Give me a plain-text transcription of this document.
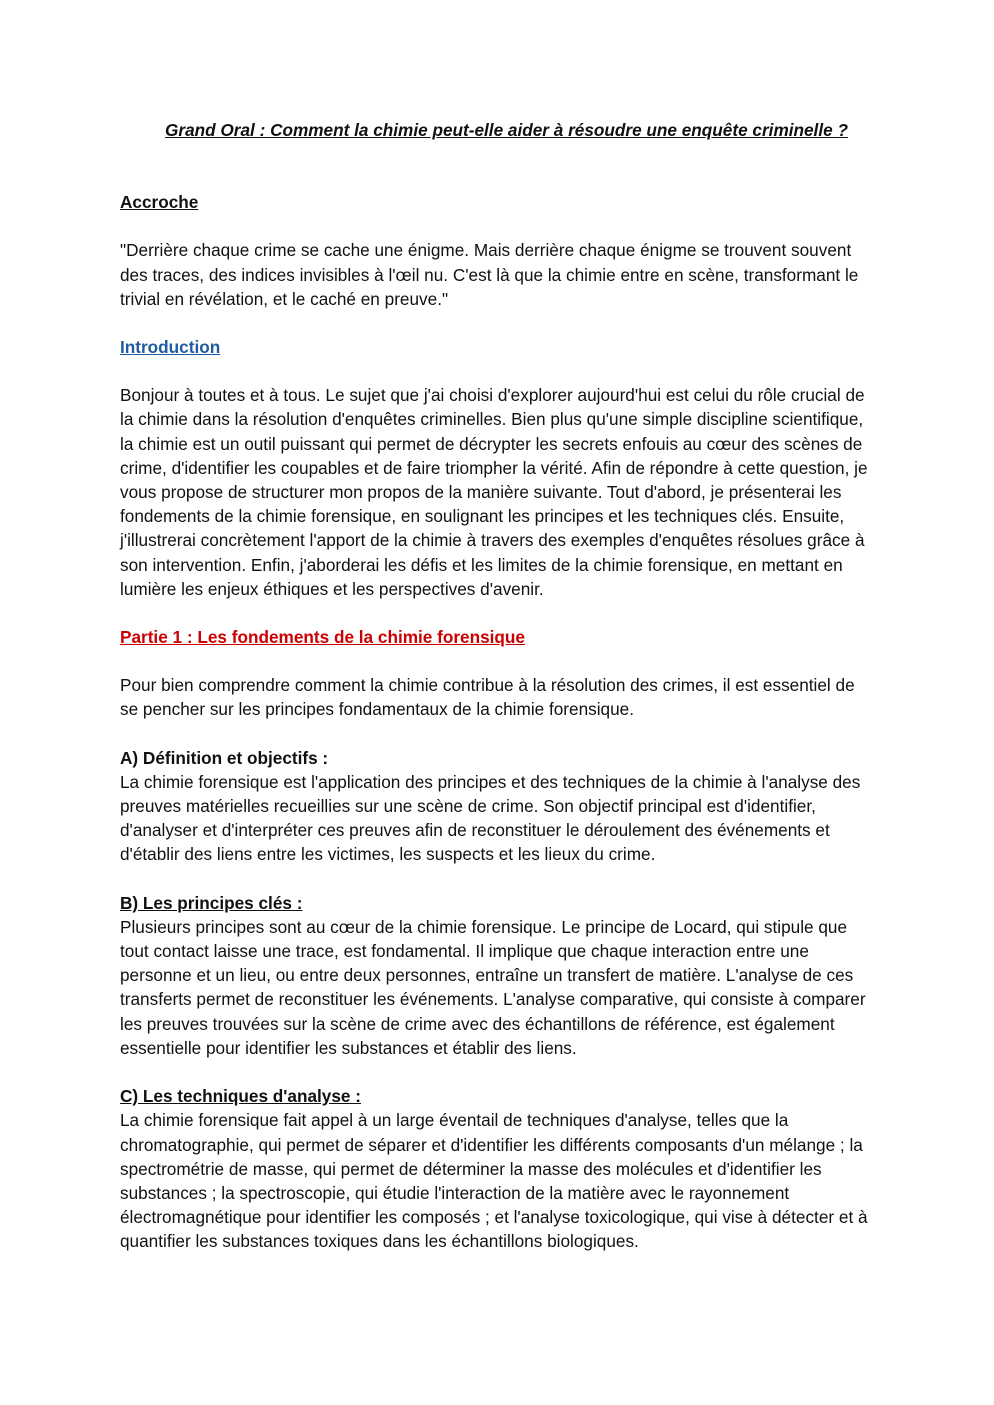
Grand Oral : Comment la chimie peut-elle aider à résoudre une enquête criminelle ?

Accroche

"Derrière chaque crime se cache une énigme. Mais derrière chaque énigme se trouvent souvent des traces, des indices invisibles à l'œil nu. C'est là que la chimie entre en scène, transformant le trivial en révélation, et le caché en preuve."

Introduction

Bonjour à toutes et à tous. Le sujet que j'ai choisi d'explorer aujourd'hui est celui du rôle crucial de la chimie dans la résolution d'enquêtes criminelles. Bien plus qu'une simple discipline scientifique, la chimie est un outil puissant qui permet de décrypter les secrets enfouis au cœur des scènes de crime, d'identifier les coupables et de faire triompher la vérité. Afin de répondre à cette question, je vous propose de structurer mon propos de la manière suivante. Tout d'abord, je présenterai les fondements de la chimie forensique, en soulignant les principes et les techniques clés. Ensuite, j'illustrerai concrètement l'apport de la chimie à travers des exemples d'enquêtes résolues grâce à son intervention. Enfin, j'aborderai les défis et les limites de la chimie forensique, en mettant en lumière les enjeux éthiques et les perspectives d'avenir.

Partie 1 : Les fondements de la chimie forensique

Pour bien comprendre comment la chimie contribue à la résolution des crimes, il est essentiel de se pencher sur les principes fondamentaux de la chimie forensique.

A) Définition et objectifs :

La chimie forensique est l'application des principes et des techniques de la chimie à l'analyse des preuves matérielles recueillies sur une scène de crime. Son objectif principal est d'identifier, d'analyser et d'interpréter ces preuves afin de reconstituer le déroulement des événements et d'établir des liens entre les victimes, les suspects et les lieux du crime.

B) Les principes clés :

Plusieurs principes sont au cœur de la chimie forensique. Le principe de Locard, qui stipule que tout contact laisse une trace, est fondamental. Il implique que chaque interaction entre une personne et un lieu, ou entre deux personnes, entraîne un transfert de matière. L'analyse de ces transferts permet de reconstituer les événements. L'analyse comparative, qui consiste à comparer les preuves trouvées sur la scène de crime avec des échantillons de référence, est également essentielle pour identifier les substances et établir des liens.

C) Les techniques d'analyse :

La chimie forensique fait appel à un large éventail de techniques d'analyse, telles que la chromatographie, qui permet de séparer et d'identifier les différents composants d'un mélange ; la spectrométrie de masse, qui permet de déterminer la masse des molécules et d'identifier les substances ; la spectroscopie, qui étudie l'interaction de la matière avec le rayonnement électromagnétique pour identifier les composés ; et l'analyse toxicologique, qui vise à détecter et à quantifier les substances toxiques dans les échantillons biologiques.
